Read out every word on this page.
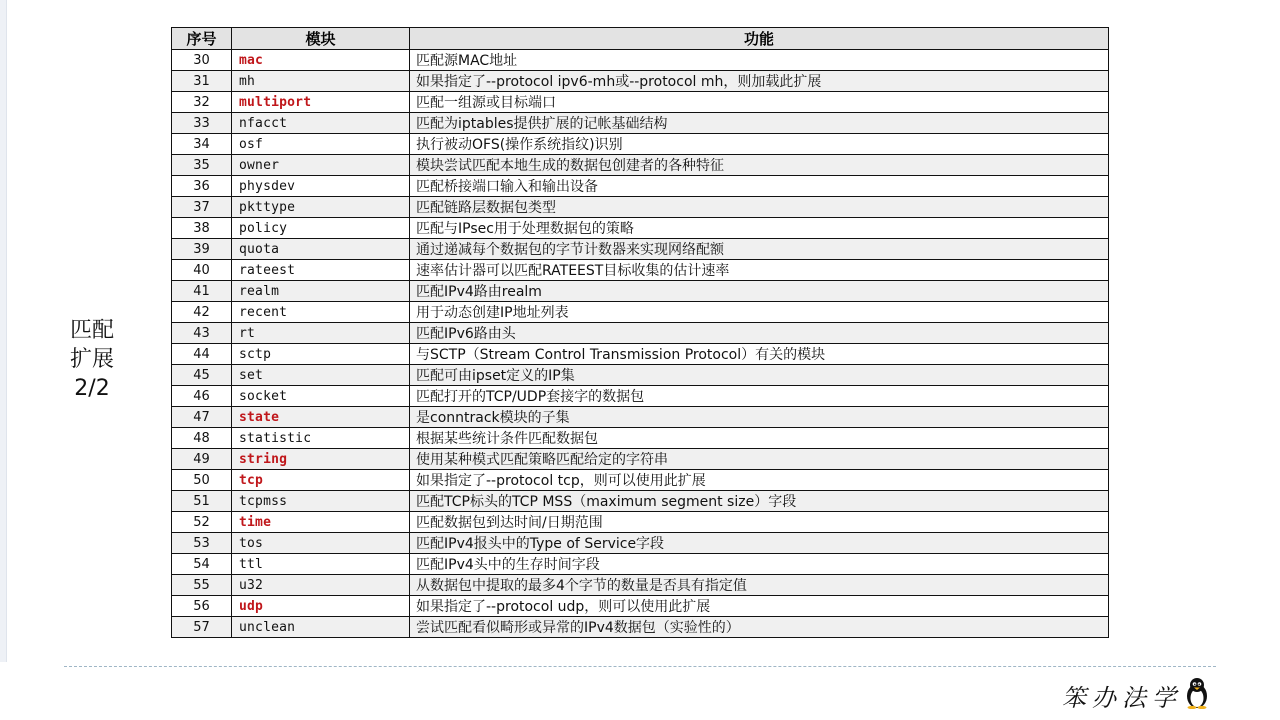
匹配
扩展
2/2
序号	模块	功能
30	mac	匹配源MAC地址
31	mh	如果指定了--protocol ipv6-mh或--protocol mh，则加载此扩展
32	multiport	匹配一组源或目标端口
33	nfacct	匹配为iptables提供扩展的记帐基础结构
34	osf	执行被动OFS(操作系统指纹)识别
35	owner	模块尝试匹配本地生成的数据包创建者的各种特征
36	physdev	匹配桥接端口输入和输出设备
37	pkttype	匹配链路层数据包类型
38	policy	匹配与IPsec用于处理数据包的策略
39	quota	通过递减每个数据包的字节计数器来实现网络配额
40	rateest	速率估计器可以匹配RATEEST目标收集的估计速率
41	realm	匹配IPv4路由realm
42	recent	用于动态创建IP地址列表
43	rt	匹配IPv6路由头
44	sctp	与SCTP（Stream Control Transmission Protocol）有关的模块
45	set	匹配可由ipset定义的IP集
46	socket	匹配打开的TCP/UDP套接字的数据包
47	state	是conntrack模块的子集
48	statistic	根据某些统计条件匹配数据包
49	string	使用某种模式匹配策略匹配给定的字符串
50	tcp	如果指定了--protocol tcp，则可以使用此扩展
51	tcpmss	匹配TCP标头的TCP MSS（maximum segment size）字段
52	time	匹配数据包到达时间/日期范围
53	tos	匹配IPv4报头中的Type of Service字段
54	ttl	匹配IPv4头中的生存时间字段
55	u32	从数据包中提取的最多4个字节的数量是否具有指定值
56	udp	如果指定了--protocol udp，则可以使用此扩展
57	unclean	尝试匹配看似畸形或异常的IPv4数据包（实验性的）
笨办法学
